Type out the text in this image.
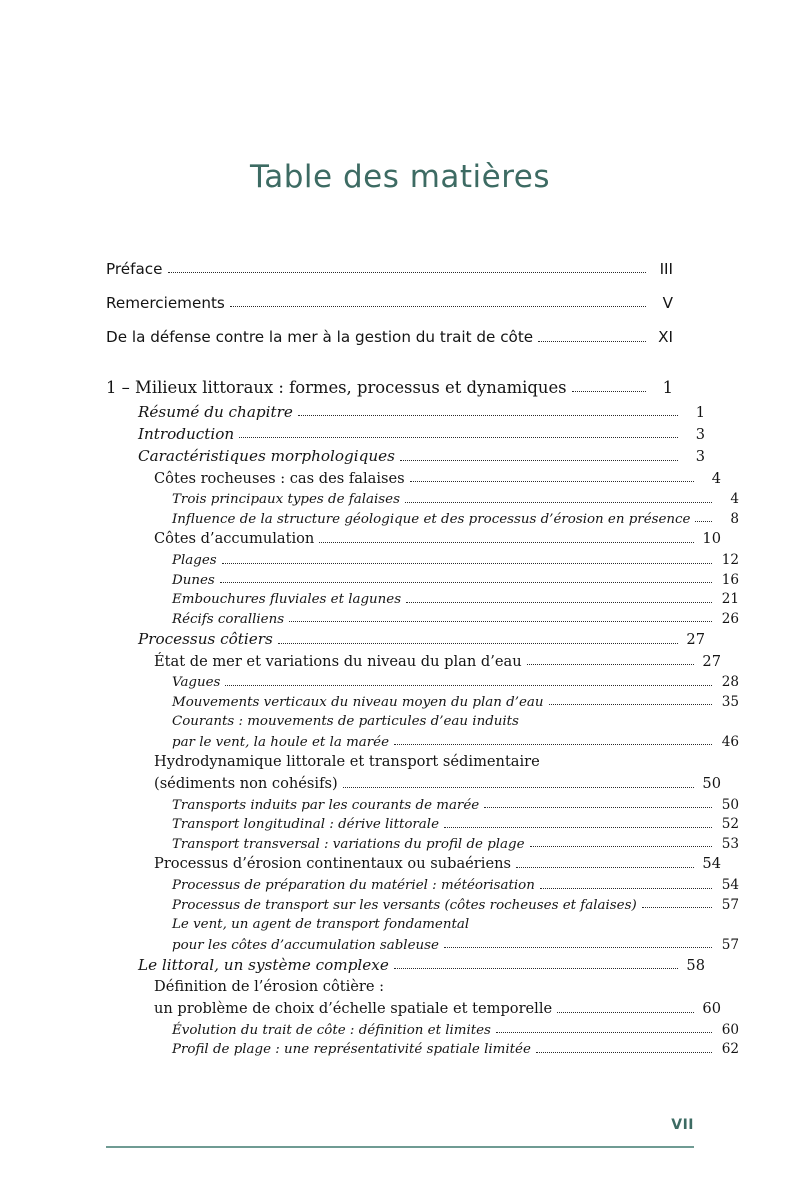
Table des matières
Préface	III
Remerciements	V
De la défense contre la mer à la gestion du trait de côte	XI
1 – Milieux littoraux : formes, processus et dynamiques	1
Résumé du chapitre	1
Introduction	3
Caractéristiques morphologiques	3
Côtes rocheuses : cas des falaises	4
Trois principaux types de falaises	4
Influence de la structure géologique et des processus d’érosion en présence	8
Côtes d’accumulation	10
Plages	12
Dunes	16
Embouchures fluviales et lagunes	21
Récifs coralliens	26
Processus côtiers	27
État de mer et variations du niveau du plan d’eau	27
Vagues	28
Mouvements verticaux du niveau moyen du plan d’eau	35
Courants : mouvements de particules d’eau induits
par le vent, la houle et la marée	46
Hydrodynamique littorale et transport sédimentaire
(sédiments non cohésifs)	50
Transports induits par les courants de marée	50
Transport longitudinal : dérive littorale	52
Transport transversal : variations du profil de plage	53
Processus d’érosion continentaux ou subaériens	54
Processus de préparation du matériel : météorisation	54
Processus de transport sur les versants (côtes rocheuses et falaises)	57
Le vent, un agent de transport fondamental
pour les côtes d’accumulation sableuse	57
Le littoral, un système complexe	58
Définition de l’érosion côtière :
un problème de choix d’échelle spatiale et temporelle	60
Évolution du trait de côte : définition et limites	60
Profil de plage : une représentativité spatiale limitée	62
VII
